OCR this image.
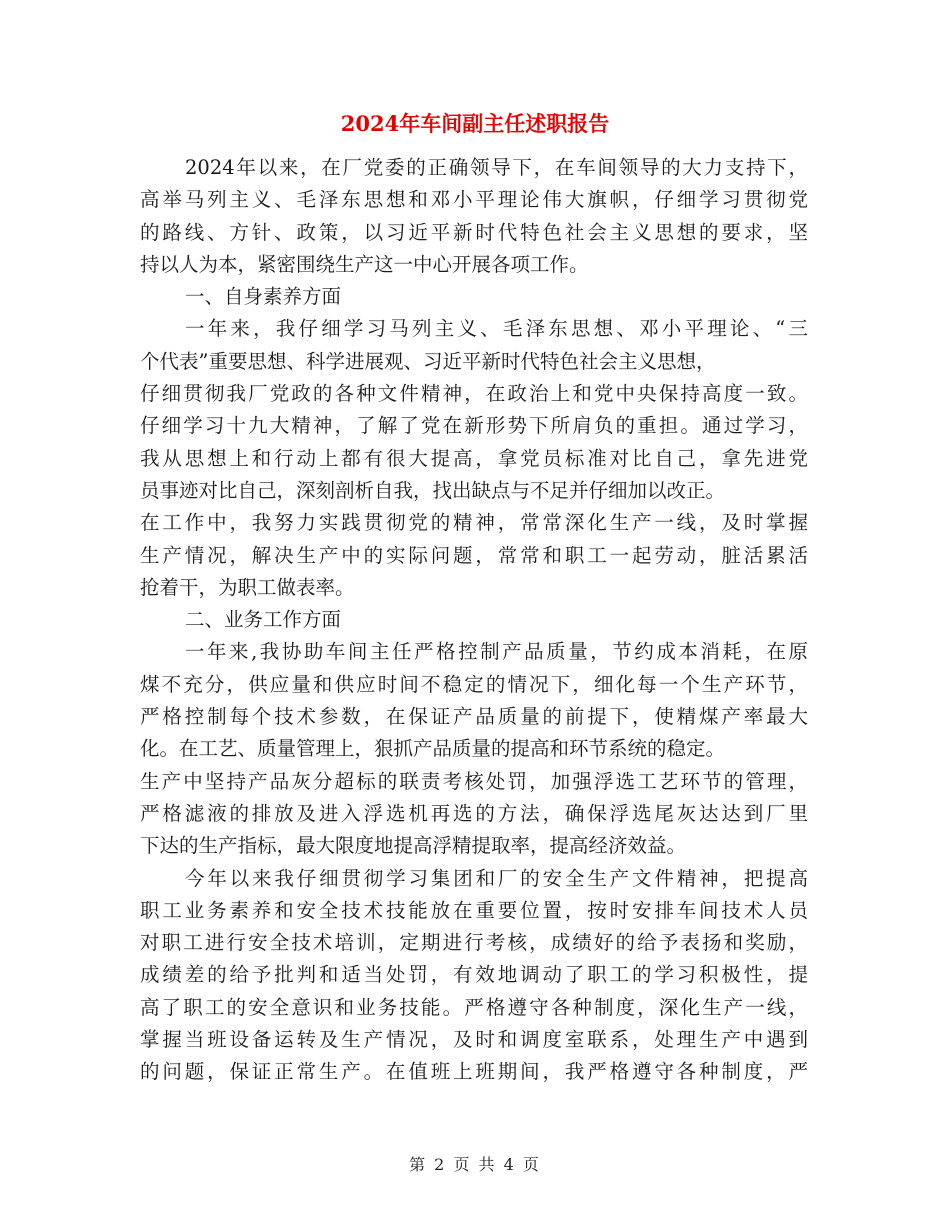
2024年车间副主任述职报告
2024年以来，在厂党委的正确领导下，在车间领导的大力支持下，
高举马列主义、毛泽东思想和邓小平理论伟大旗帜，仔细学习贯彻党
的路线、方针、政策，以习近平新时代特色社会主义思想的要求，坚
持以人为本，紧密围绕生产这一中心开展各项工作。
一、自身素养方面
一年来，我仔细学习马列主义、毛泽东思想、邓小平理论、“三
个代表”重要思想、科学进展观、习近平新时代特色社会主义思想，
仔细贯彻我厂党政的各种文件精神，在政治上和党中央保持高度一致。
仔细学习十九大精神，了解了党在新形势下所肩负的重担。通过学习，
我从思想上和行动上都有很大提高，拿党员标准对比自己，拿先进党
员事迹对比自己，深刻剖析自我，找出缺点与不足并仔细加以改正。
在工作中，我努力实践贯彻党的精神，常常深化生产一线，及时掌握
生产情况，解决生产中的实际问题，常常和职工一起劳动，脏活累活
抢着干，为职工做表率。
二、业务工作方面
一年来,我协助车间主任严格控制产品质量，节约成本消耗，在原
煤不充分，供应量和供应时间不稳定的情况下，细化每一个生产环节，
严格控制每个技术参数，在保证产品质量的前提下，使精煤产率最大
化。在工艺、质量管理上，狠抓产品质量的提高和环节系统的稳定。
生产中坚持产品灰分超标的联责考核处罚，加强浮选工艺环节的管理，
严格滤液的排放及进入浮选机再选的方法，确保浮选尾灰达达到厂里
下达的生产指标，最大限度地提高浮精提取率，提高经济效益。
今年以来我仔细贯彻学习集团和厂的安全生产文件精神，把提高
职工业务素养和安全技术技能放在重要位置，按时安排车间技术人员
对职工进行安全技术培训，定期进行考核，成绩好的给予表扬和奖励，
成绩差的给予批判和适当处罚，有效地调动了职工的学习积极性，提
高了职工的安全意识和业务技能。严格遵守各种制度，深化生产一线，
掌握当班设备运转及生产情况，及时和调度室联系，处理生产中遇到
的问题，保证正常生产。在值班上班期间，我严格遵守各种制度，严
第 2 页 共 4 页
